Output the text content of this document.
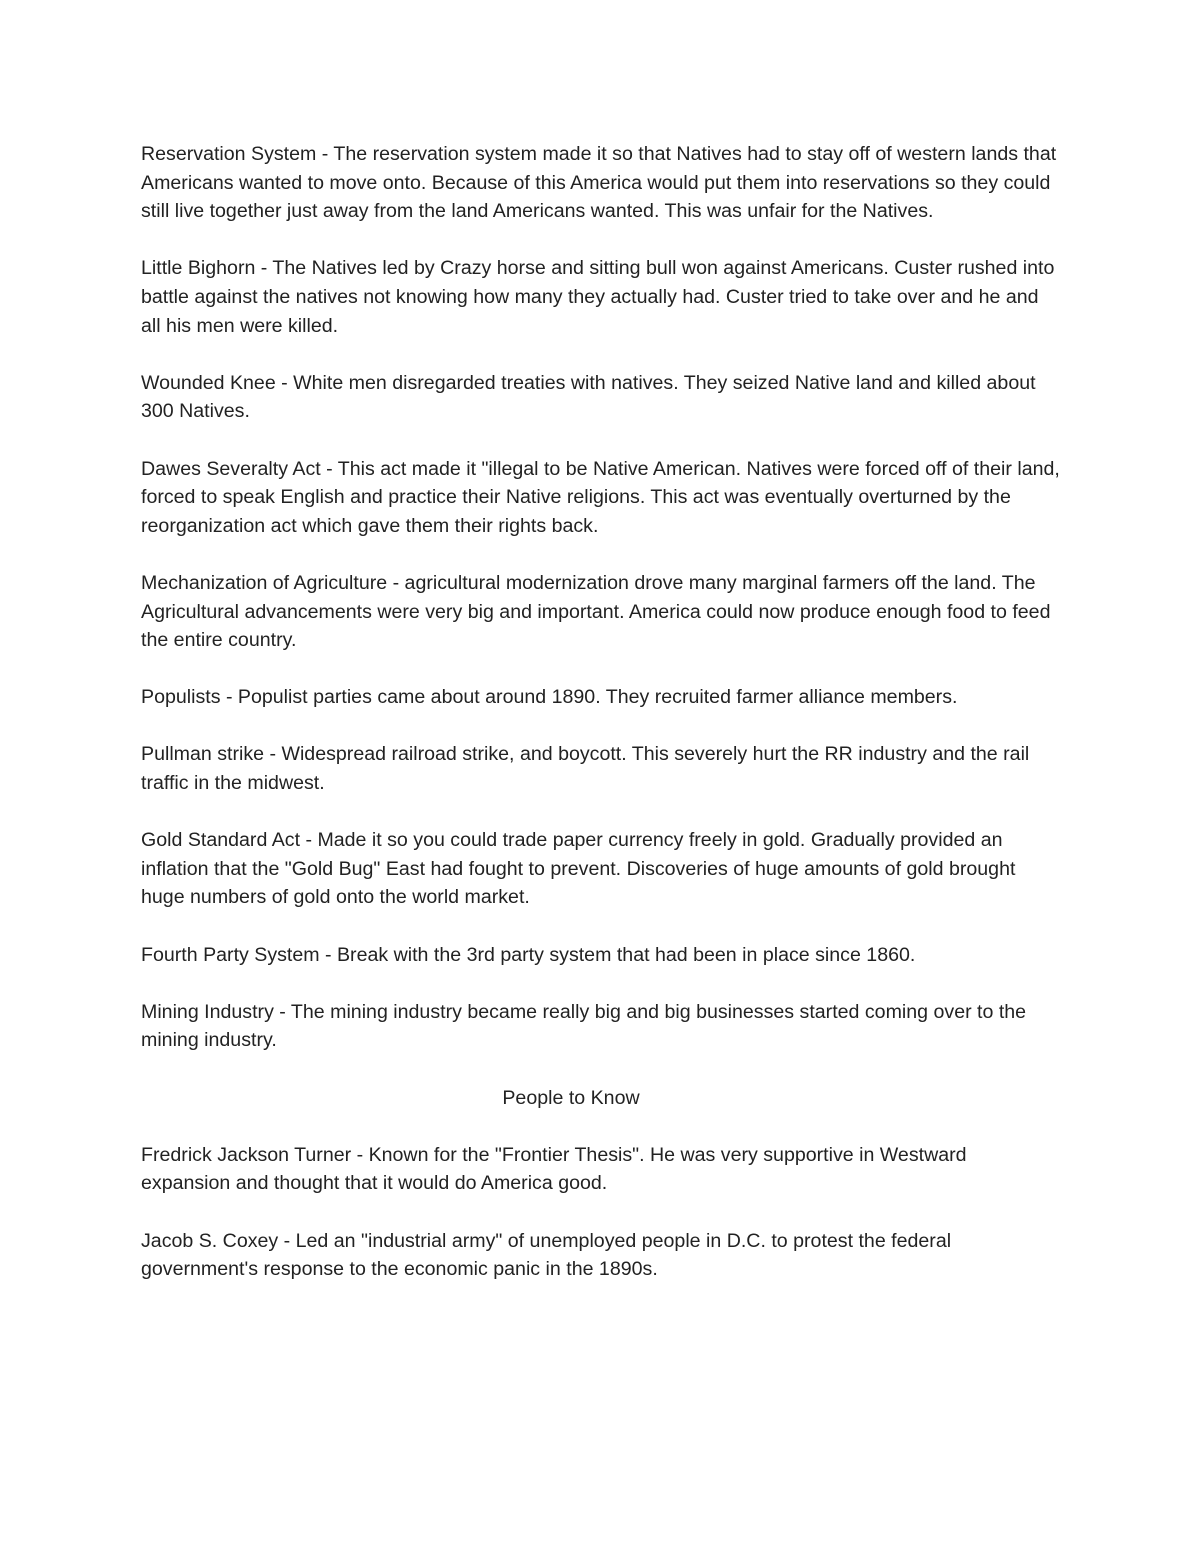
Reservation System - The reservation system made it so that Natives had to stay off of western lands that Americans wanted to move onto. Because of this America would put them into reservations so they could still live together just away from the land Americans wanted. This was unfair for the Natives.

Little Bighorn - The Natives led by Crazy horse and sitting bull won against Americans. Custer rushed into battle against the natives not knowing how many they actually had. Custer tried to take over and he and all his men were killed.

Wounded Knee - White men disregarded treaties with natives. They seized Native land and killed about 300 Natives.

Dawes Severalty Act - This act made it "illegal to be Native American. Natives were forced off of their land, forced to speak English and practice their Native religions. This act was eventually overturned by the reorganization act which gave them their rights back.

Mechanization of Agriculture - agricultural modernization drove many marginal farmers off the land. The Agricultural advancements were very big and important. America could now produce enough food to feed the entire country.

Populists - Populist parties came about around 1890. They recruited farmer alliance members.

Pullman strike - Widespread railroad strike, and boycott. This severely hurt the RR industry and the rail traffic in the midwest.

Gold Standard Act - Made it so you could trade paper currency freely in gold. Gradually provided an inflation that the "Gold Bug" East had fought to prevent. Discoveries of huge amounts of gold brought huge numbers of gold onto the world market.

Fourth Party System - Break with the 3rd party system that had been in place since 1860.

Mining Industry - The mining industry became really big and big businesses started coming over to the mining industry.

People to Know

Fredrick Jackson Turner - Known for the "Frontier Thesis". He was very supportive in Westward expansion and thought that it would do America good.

Jacob S. Coxey - Led an "industrial army" of unemployed people in D.C. to protest the federal government's response to the economic panic in the 1890s.
